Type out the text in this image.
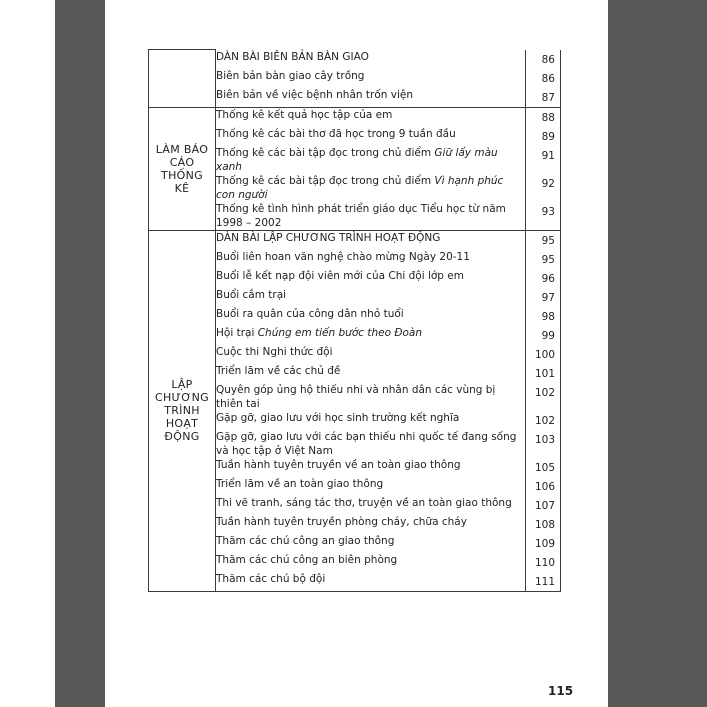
	DÀN BÀI BIÊN BẢN BÀN GIAO	86
	Biên bản bàn giao cây trồng	86
	Biên bản về việc bệnh nhân trốn viện	87

LÀM BÁO
CÁO
THỐNG
KÊ	Thống kê kết quả học tập của em	88
	Thống kê các bài thơ đã học trong 9 tuần đầu	89
	Thống kê các bài tập đọc trong chủ điểm Giữ lấy màu xanh	91
	Thống kê các bài tập đọc trong chủ điểm Vì hạnh phúc con người	92
	Thống kê tình hình phát triển giáo dục Tiểu học từ năm 1998 – 2002	93

LẬP
CHƯƠNG
TRÌNH
HOẠT
ĐỘNG	DÀN BÀI LẬP CHƯƠNG TRÌNH HOẠT ĐỘNG	95
	Buổi liên hoan văn nghệ chào mừng Ngày 20-11	95
	Buổi lễ kết nạp đội viên mới của Chi đội lớp em	96
	Buổi cắm trại	97
	Buổi ra quân của công dân nhỏ tuổi	98
	Hội trại Chúng em tiến bước theo Đoàn	99
	Cuộc thi Nghi thức đội	100
	Triển lãm về các chủ đề	101
	Quyên góp ủng hộ thiếu nhi và nhân dân các vùng bị thiên tai	102
	Gặp gỡ, giao lưu với học sinh trường kết nghĩa	102
	Gặp gỡ, giao lưu với các bạn thiếu nhi quốc tế đang sống và học tập ở Việt Nam	103
	Tuần hành tuyên truyền về an toàn giao thông	105
	Triển lãm về an toàn giao thông	106
	Thi vẽ tranh, sáng tác thơ, truyện về an toàn giao thông	107
	Tuần hành tuyên truyền phòng cháy, chữa cháy	108
	Thăm các chú công an giao thông	109
	Thăm các chú công an biên phòng	110
	Thăm các chú bộ đội	111
115
